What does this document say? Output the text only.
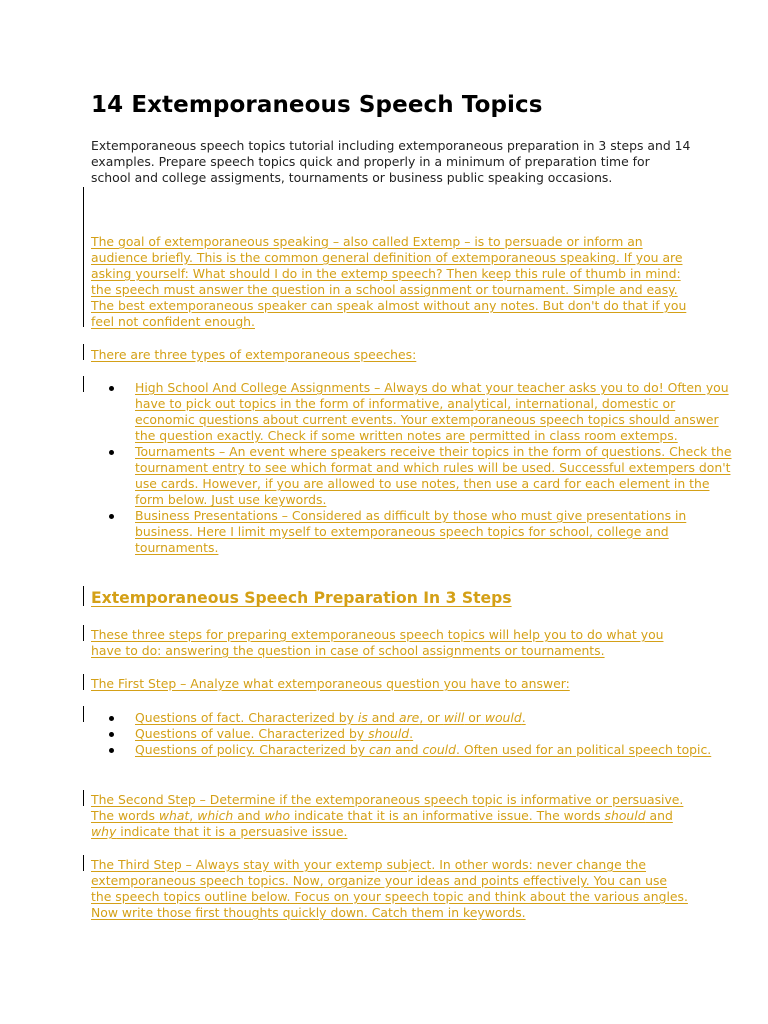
14 Extemporaneous Speech Topics
Extemporaneous speech topics tutorial including extemporaneous preparation in 3 steps and 14 examples. Prepare speech topics quick and properly in a minimum of preparation time for school and college assigments, tournaments or business public speaking occasions.
The goal of extemporaneous speaking – also called Extemp – is to persuade or inform an audience briefly. This is the common general definition of extemporaneous speaking. If you are asking yourself: What should I do in the extemp speech? Then keep this rule of thumb in mind: the speech must answer the question in a school assignment or tournament. Simple and easy. The best extemporaneous speaker can speak almost without any notes. But don't do that if you feel not confident enough.
There are three types of extemporaneous speeches:
High School And College Assignments – Always do what your teacher asks you to do! Often you have to pick out topics in the form of informative, analytical, international, domestic or economic questions about current events. Your extemporaneous speech topics should answer the question exactly. Check if some written notes are permitted in class room extemps.
Tournaments – An event where speakers receive their topics in the form of questions. Check the tournament entry to see which format and which rules will be used. Successful extempers don't use cards. However, if you are allowed to use notes, then use a card for each element in the form below. Just use keywords.
Business Presentations – Considered as difficult by those who must give presentations in business. Here I limit myself to extemporaneous speech topics for school, college and tournaments.
Extemporaneous Speech Preparation In 3 Steps
These three steps for preparing extemporaneous speech topics will help you to do what you have to do: answering the question in case of school assignments or tournaments.
The First Step – Analyze what extemporaneous question you have to answer:
Questions of fact. Characterized by is and are, or will or would.
Questions of value. Characterized by should.
Questions of policy. Characterized by can and could. Often used for an political speech topic.
The Second Step – Determine if the extemporaneous speech topic is informative or persuasive. The words what, which and who indicate that it is an informative issue. The words should and why indicate that it is a persuasive issue.
The Third Step – Always stay with your extemp subject. In other words: never change the extemporaneous speech topics. Now, organize your ideas and points effectively. You can use the speech topics outline below. Focus on your speech topic and think about the various angles. Now write those first thoughts quickly down. Catch them in keywords.
